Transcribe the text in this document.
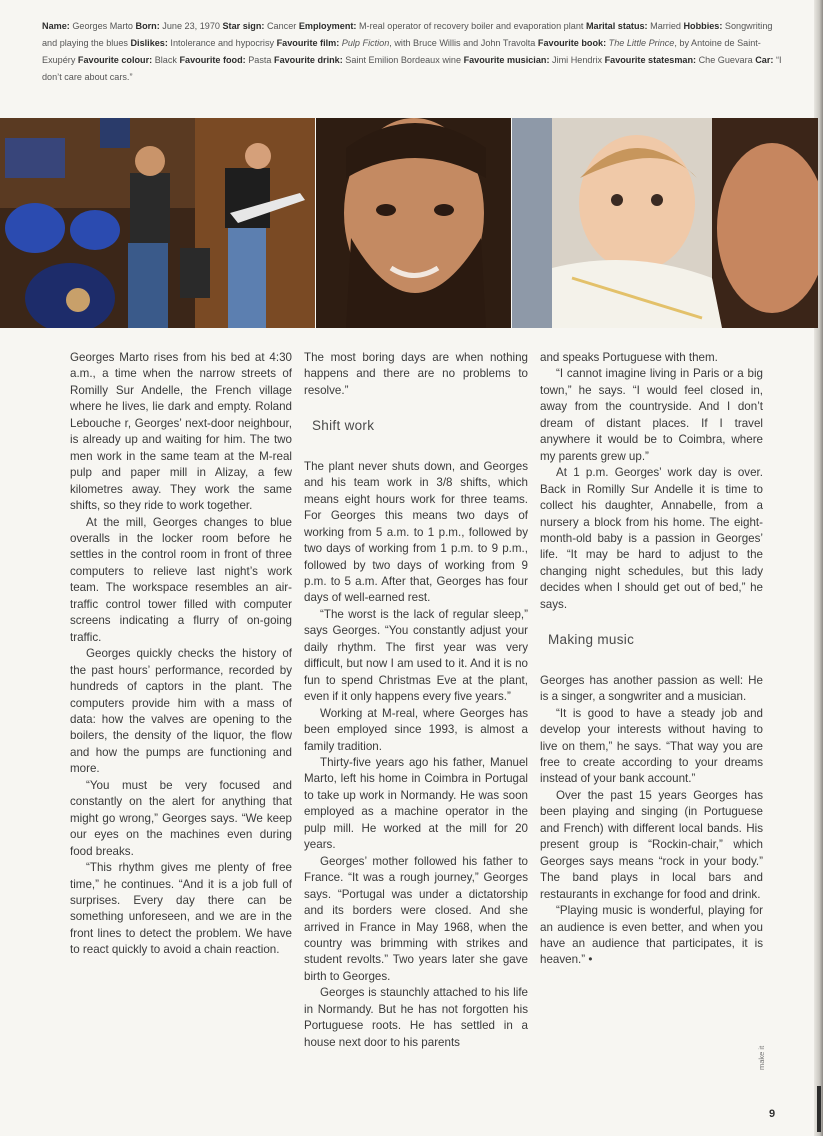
Name: Georges Marto Born: June 23, 1970 Star sign: Cancer Employment: M-real operator of recovery boiler and evaporation plant Marital status: Married Hobbies: Songwriting and playing the blues Dislikes: Intolerance and hypocrisy Favourite film: Pulp Fiction, with Bruce Willis and John Travolta Favourite book: The Little Prince, by Antoine de Saint-Exupéry Favourite colour: Black Favourite food: Pasta Favourite drink: Saint Emilion Bordeaux wine Favourite musician: Jimi Hendrix Favourite statesman: Che Guevara Car: “I don’t care about cars.”

Georges Marto rises from his bed at 4:30 a.m., a time when the narrow streets of Romilly Sur Andelle, the French village where he lives, lie dark and empty. Roland Lebouche r, Georges’ next-door neighbour, is already up and waiting for him. The two men work in the same team at the M-real pulp and paper mill in Alizay, a few kilometres away. They work the same shifts, so they ride to work together.

At the mill, Georges changes to blue overalls in the locker room before he settles in the control room in front of three computers to relieve last night’s work team. The workspace resembles an air-traffic control tower filled with computer screens indicating a flurry of on-going traffic.

Georges quickly checks the history of the past hours’ performance, recorded by hundreds of captors in the plant. The computers provide him with a mass of data: how the valves are opening to the boilers, the density of the liquor, the flow and how the pumps are functioning and more.

“You must be very focused and constantly on the alert for anything that might go wrong,” Georges says. “We keep our eyes on the machines even during food breaks.

“This rhythm gives me plenty of free time,” he continues. “And it is a job full of surprises. Every day there can be something unforeseen, and we are in the front lines to detect the problem. We have to react quickly to avoid a chain reaction.

The most boring days are when nothing happens and there are no problems to resolve.”

Shift work

The plant never shuts down, and Georges and his team work in 3/8 shifts, which means eight hours work for three teams. For Georges this means two days of working from 5 a.m. to 1 p.m., followed by two days of working from 1 p.m. to 9 p.m., followed by two days of working from 9 p.m. to 5 a.m. After that, Georges has four days of well-earned rest.

“The worst is the lack of regular sleep,” says Georges. “You constantly adjust your daily rhythm. The first year was very difficult, but now I am used to it. And it is no fun to spend Christmas Eve at the plant, even if it only happens every five years.”

Working at M-real, where Georges has been employed since 1993, is almost a family tradition.

Thirty-five years ago his father, Manuel Marto, left his home in Coimbra in Portugal to take up work in Normandy. He was soon employed as a machine operator in the pulp mill. He worked at the mill for 20 years.

Georges’ mother followed his father to France. “It was a rough journey,” Georges says. “Portugal was under a dictatorship and its borders were closed. And she arrived in France in May 1968, when the country was brimming with strikes and student revolts.” Two years later she gave birth to Georges.

Georges is staunchly attached to his life in Normandy. But he has not forgotten his Portuguese roots. He has settled in a house next door to his parents

and speaks Portuguese with them.

“I cannot imagine living in Paris or a big town,” he says. “I would feel closed in, away from the countryside. And I don’t dream of distant places. If I travel anywhere it would be to Coimbra, where my parents grew up.”

At 1 p.m. Georges’ work day is over. Back in Romilly Sur Andelle it is time to collect his daughter, Annabelle, from a nursery a block from his home. The eight-month-old baby is a passion in Georges’ life. “It may be hard to adjust to the changing night schedules, but this lady decides when I should get out of bed,” he says.

Making music

Georges has another passion as well: He is a singer, a songwriter and a musician.

“It is good to have a steady job and develop your interests without having to live on them,” he says. “That way you are free to create according to your dreams instead of your bank account.”

Over the past 15 years Georges has been playing and singing (in Portuguese and French) with different local bands. His present group is “Rockin-chair,” which Georges says means “rock in your body.” The band plays in local bars and restaurants in exchange for food and drink.

“Playing music is wonderful, playing for an audience is even better, and when you have an audience that participates, it is heaven.” •

make it
9
